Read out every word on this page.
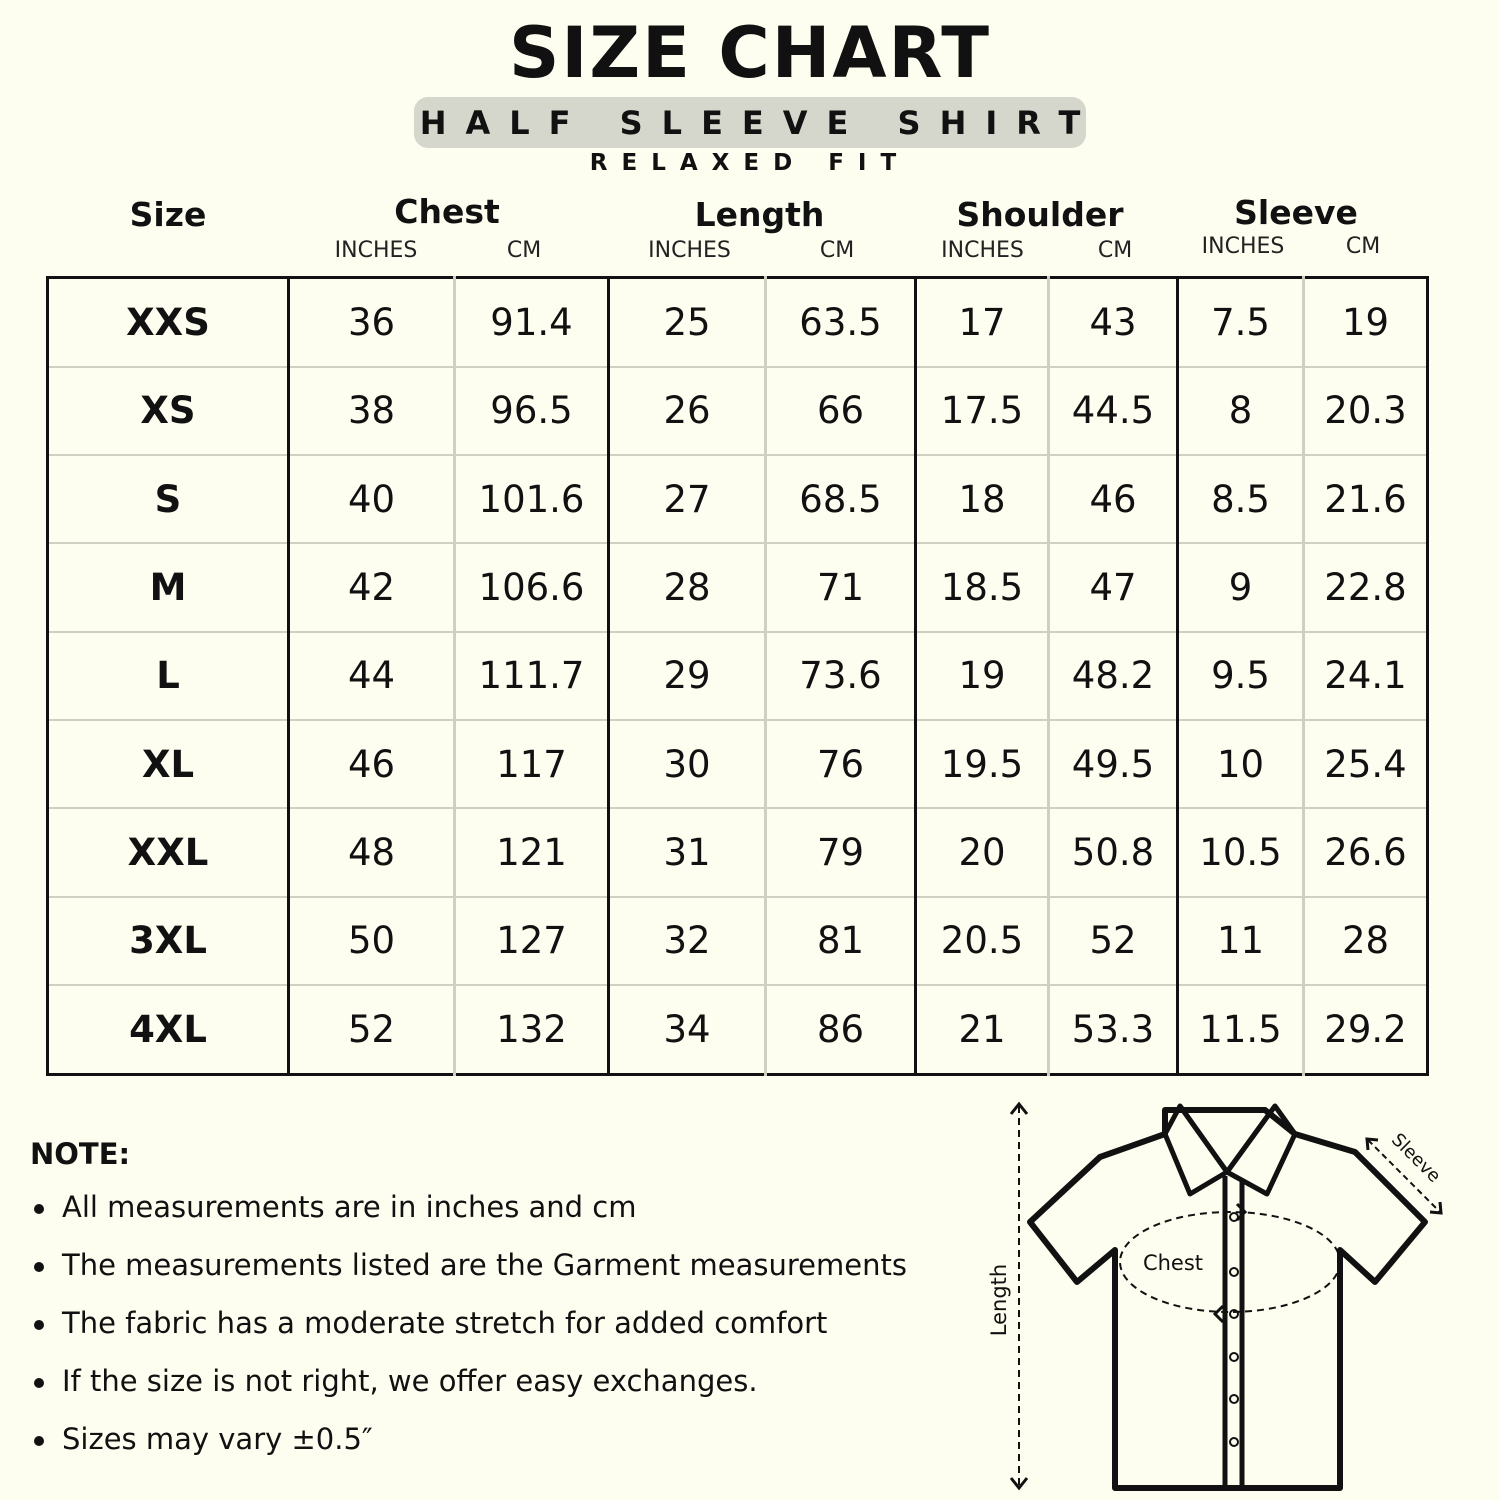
SIZE CHART
HALF SLEEVE SHIRT
RELAXED FIT
Size	Chest
INCHES	CM
Length
INCHES	CM
Shoulder
INCHES	CM
Sleeve
INCHES	CM
XXS	36	91.4	25	63.5	17	43	7.5	19
XS	38	96.5	26	66	17.5	44.5	8	20.3
S	40	101.6	27	68.5	18	46	8.5	21.6
M	42	106.6	28	71	18.5	47	9	22.8
L	44	111.7	29	73.6	19	48.2	9.5	24.1
XL	46	117	30	76	19.5	49.5	10	25.4
XXL	48	121	31	79	20	50.8	10.5	26.6
3XL	50	127	32	81	20.5	52	11	28
4XL	52	132	34	86	21	53.3	11.5	29.2
NOTE:
All measurements are in inches and cm
The measurements listed are the Garment measurements
The fabric has a moderate stretch for added comfort
If the size is not right, we offer easy exchanges.
Sizes may vary ±0.5″
Chest
Length
Sleeve
